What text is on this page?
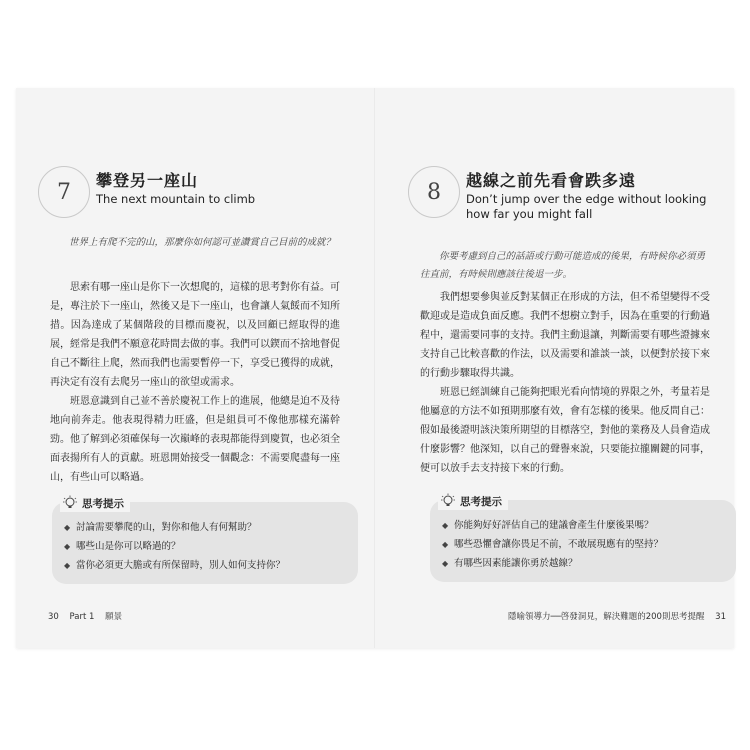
7	攀登另一座山
The next mountain to climb
世界上有爬不完的山，那麼你如何認可並讚賞自己目前的成就？

思索有哪一座山是你下一次想爬的，這樣的思考對你有益。可是，專注於下一座山，然後又是下一座山，也會讓人氣餒而不知所措。因為達成了某個階段的目標而慶祝，以及回顧已經取得的進展，經常是我們不願意花時間去做的事。我們可以鍥而不捨地督促自己不斷往上爬，然而我們也需要暫停一下，享受已獲得的成就，再決定有沒有去爬另一座山的欲望或需求。

班恩意識到自己並不善於慶祝工作上的進展，他總是迫不及待地向前奔走。他表現得精力旺盛，但是組員可不像他那樣充滿幹勁。他了解到必須確保每一次巔峰的表現都能得到慶賀，也必須全面表揚所有人的貢獻。班恩開始接受一個觀念：不需要爬盡每一座山，有些山可以略過。

思考提示
◆ 討論需要攀爬的山，對你和他人有何幫助？
◆ 哪些山是你可以略過的？
◆ 當你必須更大膽或有所保留時，別人如何支持你？
30 Part 1 願景
8	越線之前先看會跌多遠
Don’t jump over the edge without looking how far you might fall
你要考慮到自己的話語或行動可能造成的後果，有時候你必須勇往直前，有時候則應該往後退一步。

我們想要參與並反對某個正在形成的方法，但不希望變得不受歡迎或是造成負面反應。我們不想樹立對手，因為在重要的行動過程中，還需要同事的支持。我們主動退讓，判斷需要有哪些證據來支持自己比較喜歡的作法，以及需要和誰談一談，以便對於接下來的行動步驟取得共識。

班恩已經訓練自己能夠把眼光看向情境的界限之外，考量若是他屬意的方法不如預期那麼有效，會有怎樣的後果。他反問自己：假如最後證明該決策所期望的目標落空，對他的業務及人員會造成什麼影響？他深知，以自己的聲譽來說，只要能拉攏關鍵的同事，便可以放手去支持接下來的行動。

思考提示
◆ 你能夠好好評估自己的建議會產生什麼後果嗎？
◆ 哪些恐懼會讓你畏足不前，不敢展現應有的堅持？
◆ 有哪些因素能讓你勇於越線？
隱喻領導力──啓發洞見，解決難題的200則思考提醒 31
